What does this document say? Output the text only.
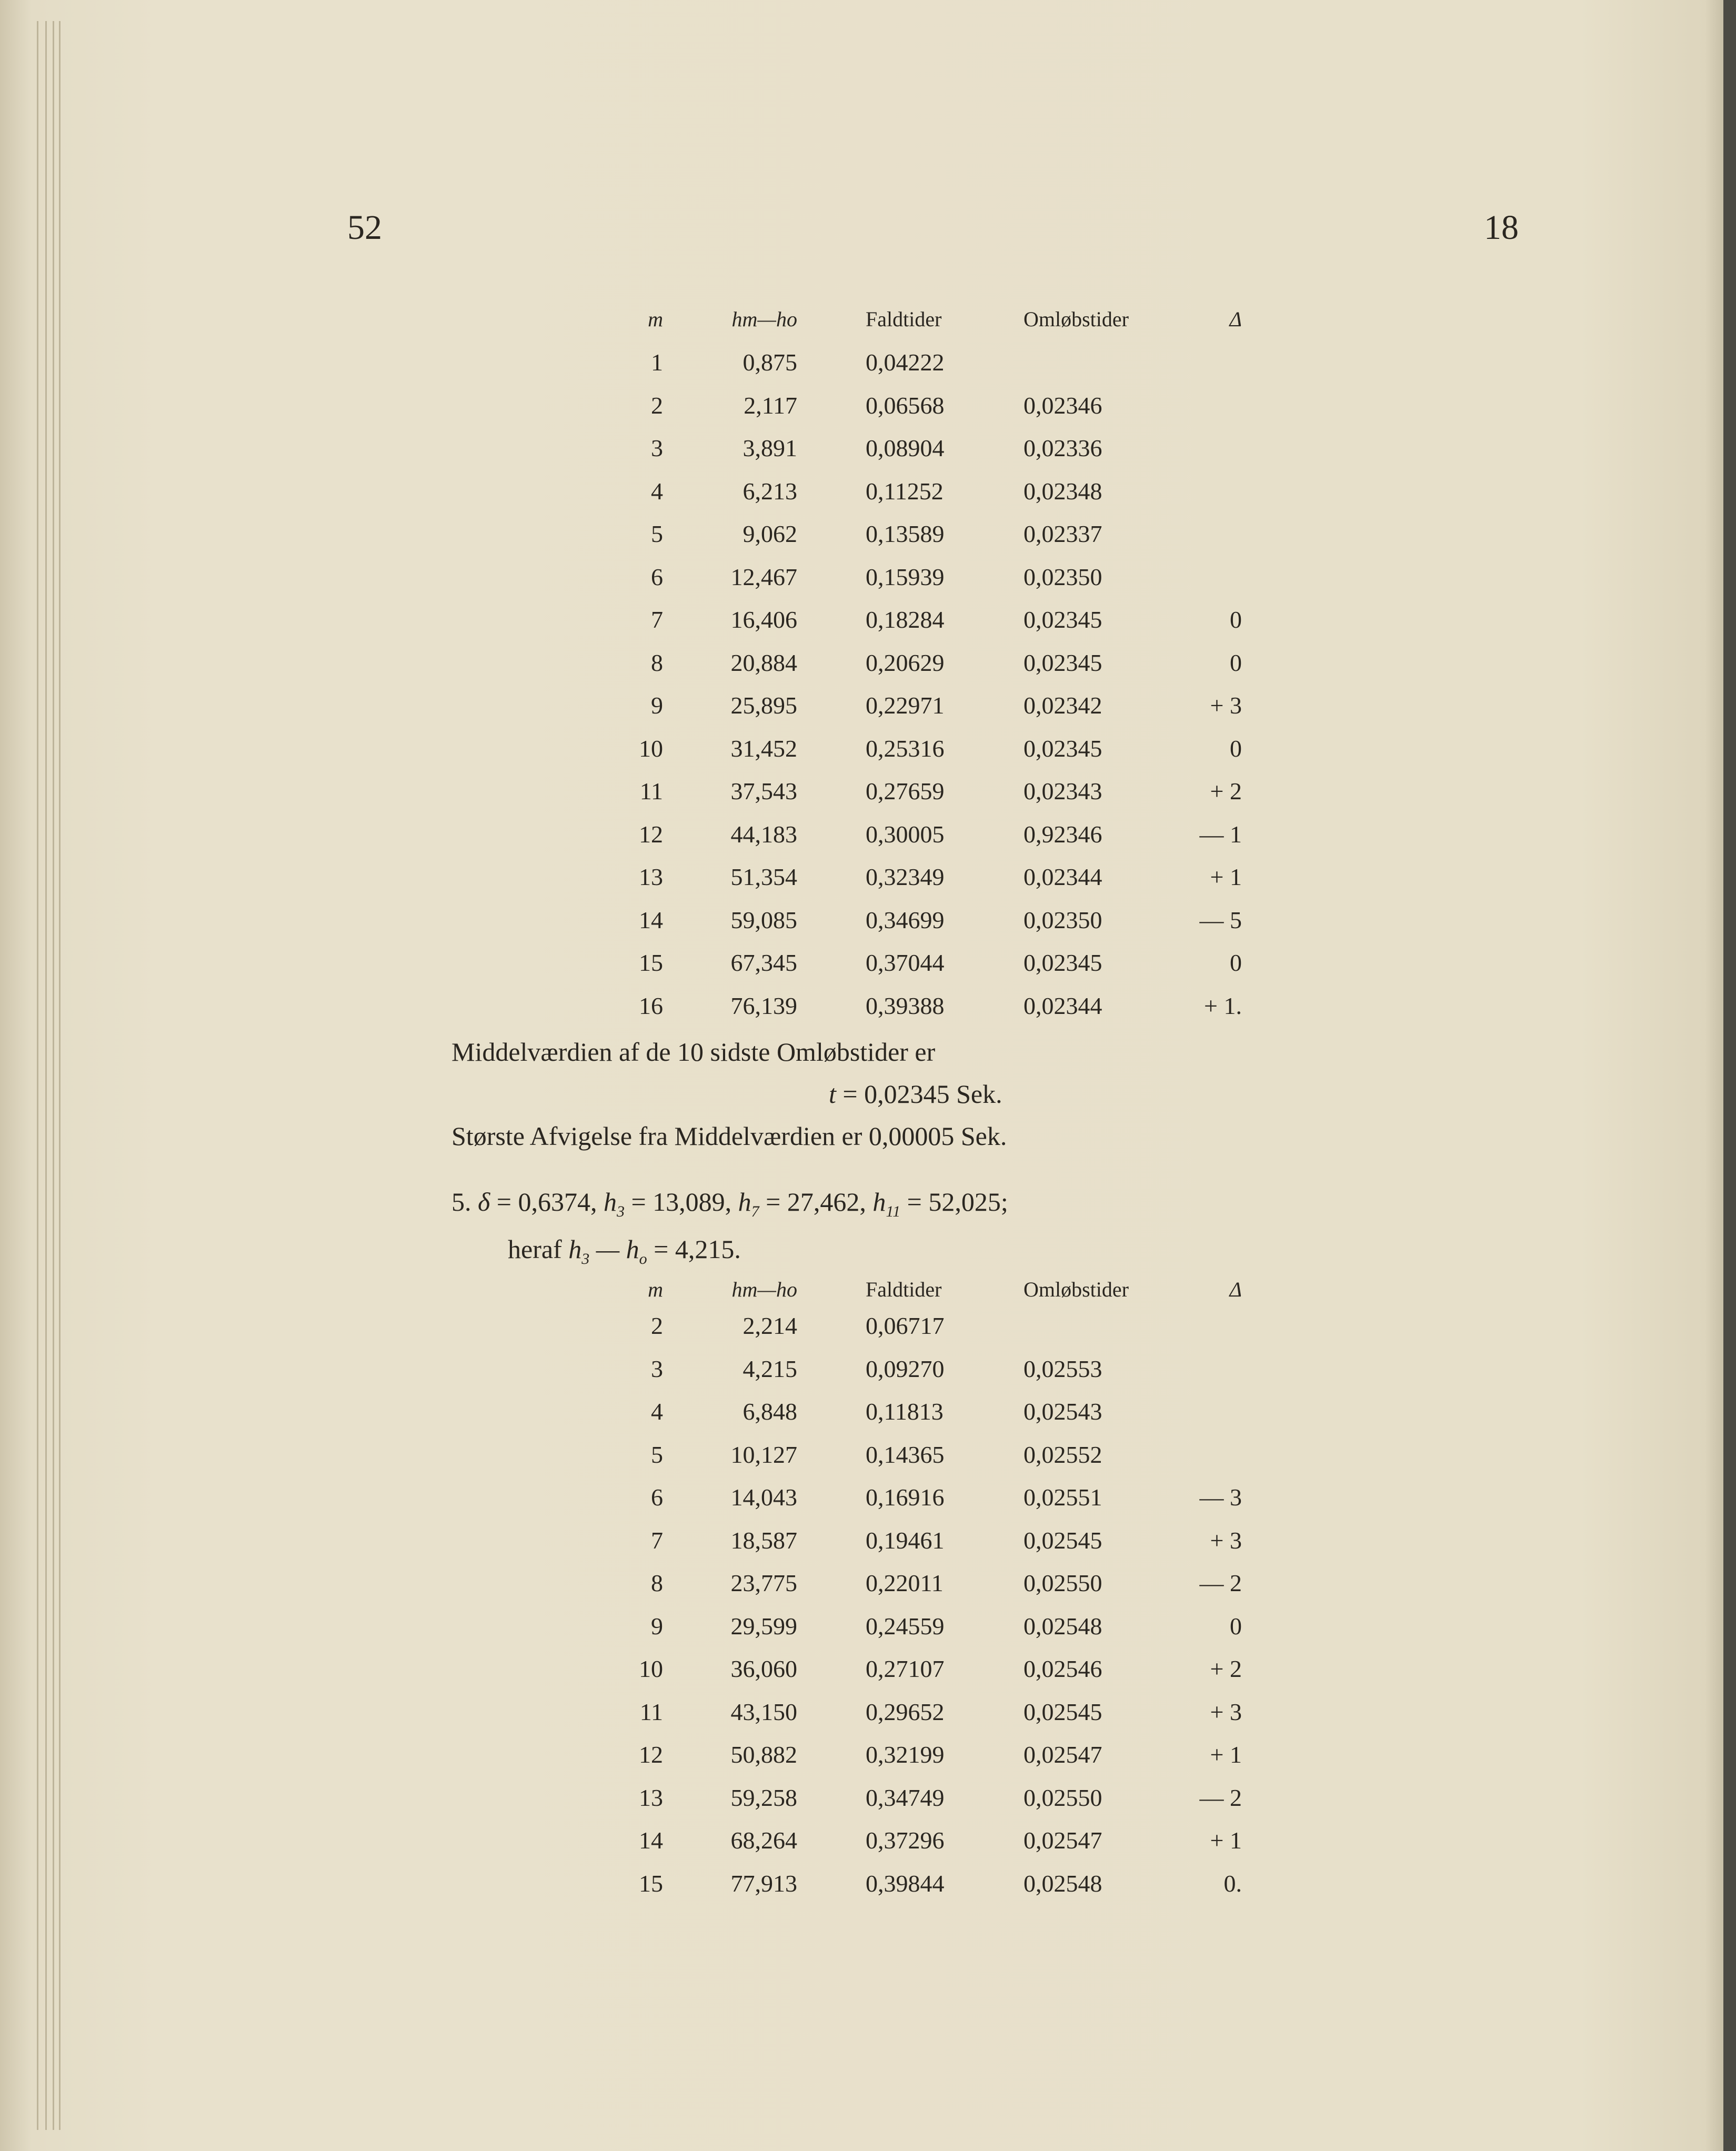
52	18
m	hm—ho	Faldtider	Omløbstider	Δ
1	0,875	0,04222
2	2,117	0,06568	0,02346
3	3,891	0,08904	0,02336
4	6,213	0,11252	0,02348
5	9,062	0,13589	0,02337
6	12,467	0,15939	0,02350
7	16,406	0,18284	0,02345	0
8	20,884	0,20629	0,02345	0
9	25,895	0,22971	0,02342	+ 3
10	31,452	0,25316	0,02345	0
11	37,543	0,27659	0,02343	+ 2
12	44,183	0,30005	0,92346	— 1
13	51,354	0,32349	0,02344	+ 1
14	59,085	0,34699	0,02350	— 5
15	67,345	0,37044	0,02345	0
16	76,139	0,39388	0,02344	+ 1.
Middelværdien af de 10 sidste Omløbstider er
t = 0,02345 Sek.
Største Afvigelse fra Middelværdien er 0,00005 Sek.
5. δ = 0,6374, $h_3 = 13,089$, $h_7 = 27,462$, $h_{11} = 52,025$;
heraf $h_3$ — $h_o = 4,215$.
m	hm—ho	Faldtider	Omløbstider	Δ
2	2,214	0,06717
3	4,215	0,09270	0,02553
4	6,848	0,11813	0,02543
5	10,127	0,14365	0,02552
6	14,043	0,16916	0,02551	— 3
7	18,587	0,19461	0,02545	+ 3
8	23,775	0,22011	0,02550	— 2
9	29,599	0,24559	0,02548	0
10	36,060	0,27107	0,02546	+ 2
11	43,150	0,29652	0,02545	+ 3
12	50,882	0,32199	0,02547	+ 1
13	59,258	0,34749	0,02550	— 2
14	68,264	0,37296	0,02547	+ 1
15	77,913	0,39844	0,02548	0.
